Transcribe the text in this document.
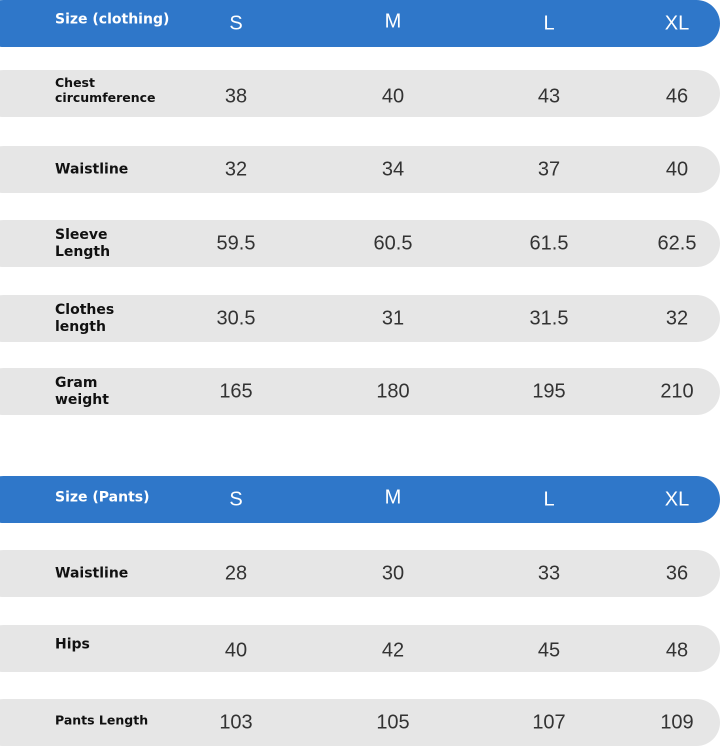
Size (clothing)	S	M	L	XL
Chest
circumference	38	40	43	46
Waistline	32	34	37	40
Sleeve
Length	59.5	60.5	61.5	62.5
Clothes
length	30.5	31	31.5	32
Gram
weight	165	180	195	210
Size (Pants)	S	M	L	XL
Waistline	28	30	33	36
Hips	40	42	45	48
Pants Length	103	105	107	109
